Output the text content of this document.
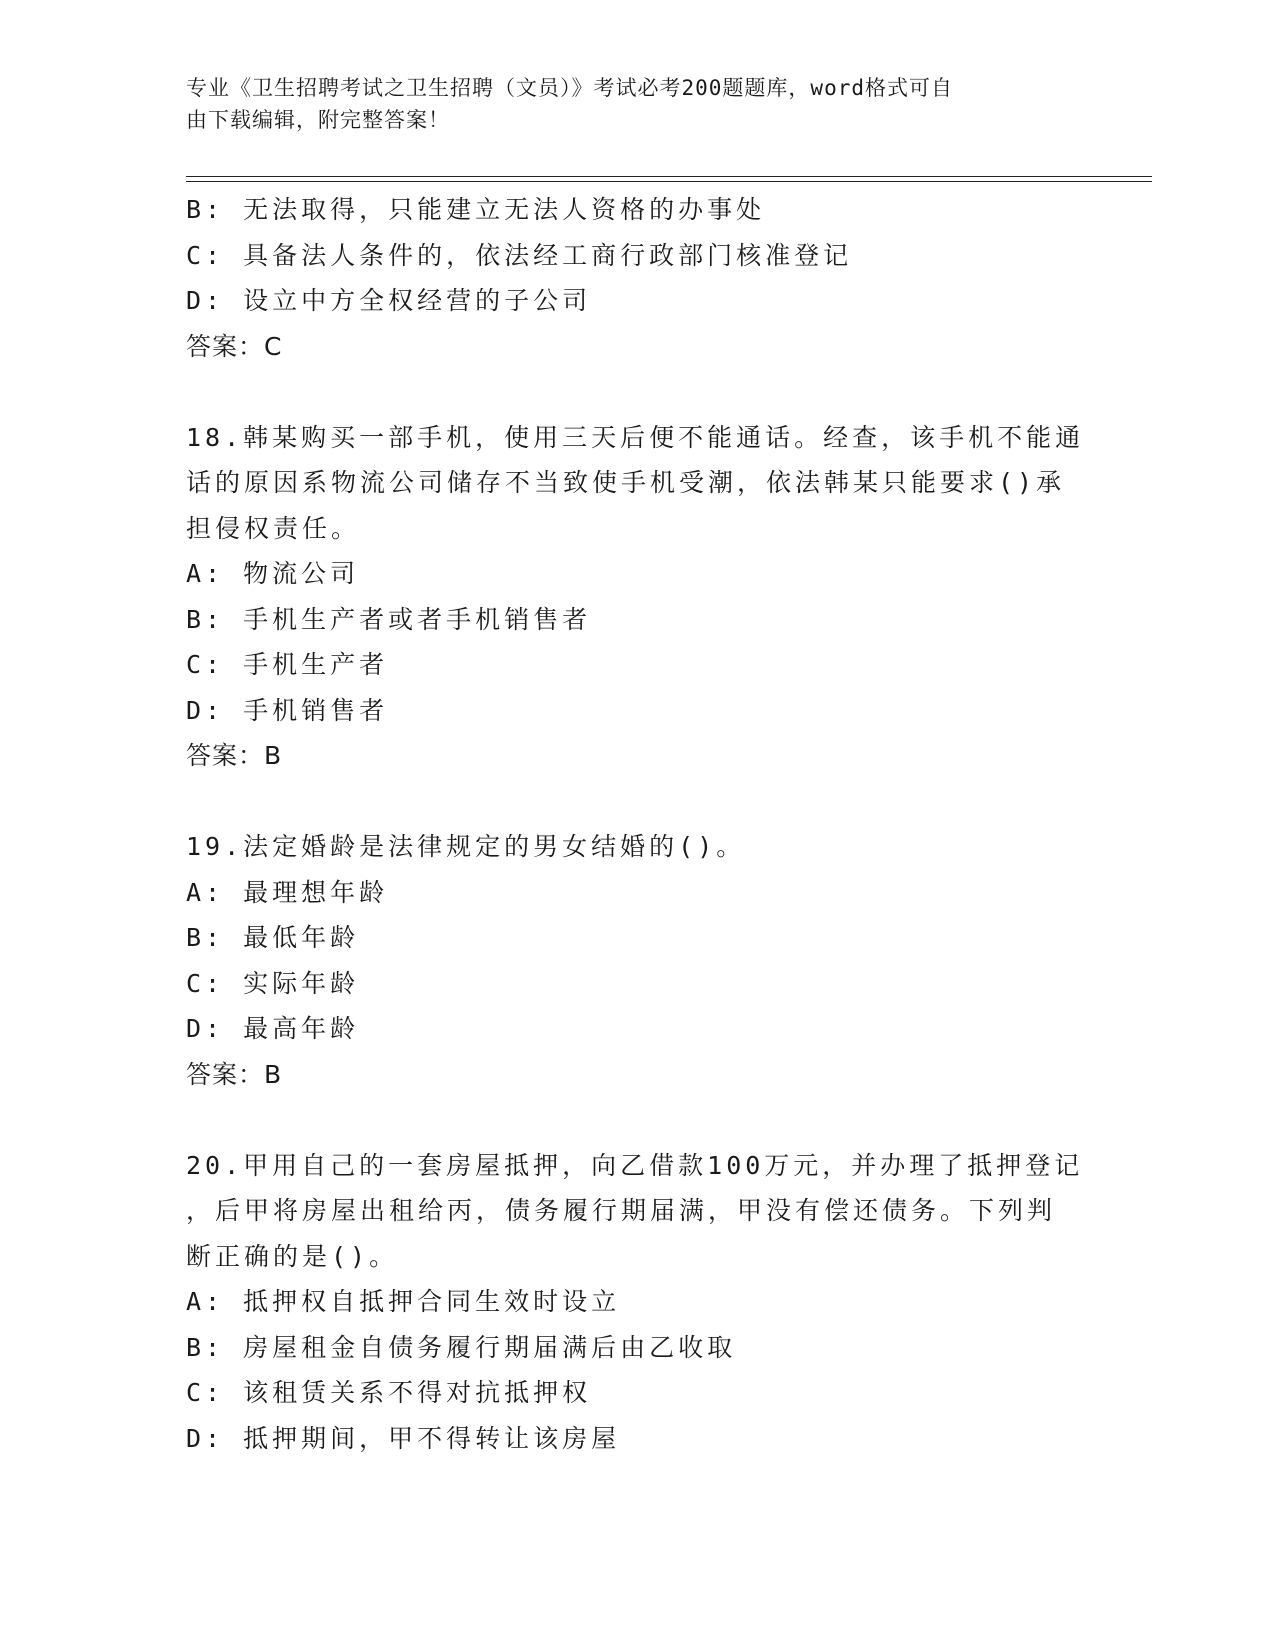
专业《卫生招聘考试之卫生招聘（文员）》考试必考200题题库，word格式可自
由下载编辑，附完整答案！
B: 无法取得，只能建立无法人资格的办事处
C: 具备法人条件的，依法经工商行政部门核准登记
D: 设立中方全权经营的子公司
答案：C
18.韩某购买一部手机，使用三天后便不能通话。经查，该手机不能通
话的原因系物流公司储存不当致使手机受潮，依法韩某只能要求()承
担侵权责任。
A: 物流公司
B: 手机生产者或者手机销售者
C: 手机生产者
D: 手机销售者
答案：B
19.法定婚龄是法律规定的男女结婚的()。
A: 最理想年龄
B: 最低年龄
C: 实际年龄
D: 最高年龄
答案：B
20.甲用自己的一套房屋抵押，向乙借款100万元，并办理了抵押登记
，后甲将房屋出租给丙，债务履行期届满，甲没有偿还债务。下列判
断正确的是()。
A: 抵押权自抵押合同生效时设立
B: 房屋租金自债务履行期届满后由乙收取
C: 该租赁关系不得对抗抵押权
D: 抵押期间，甲不得转让该房屋
